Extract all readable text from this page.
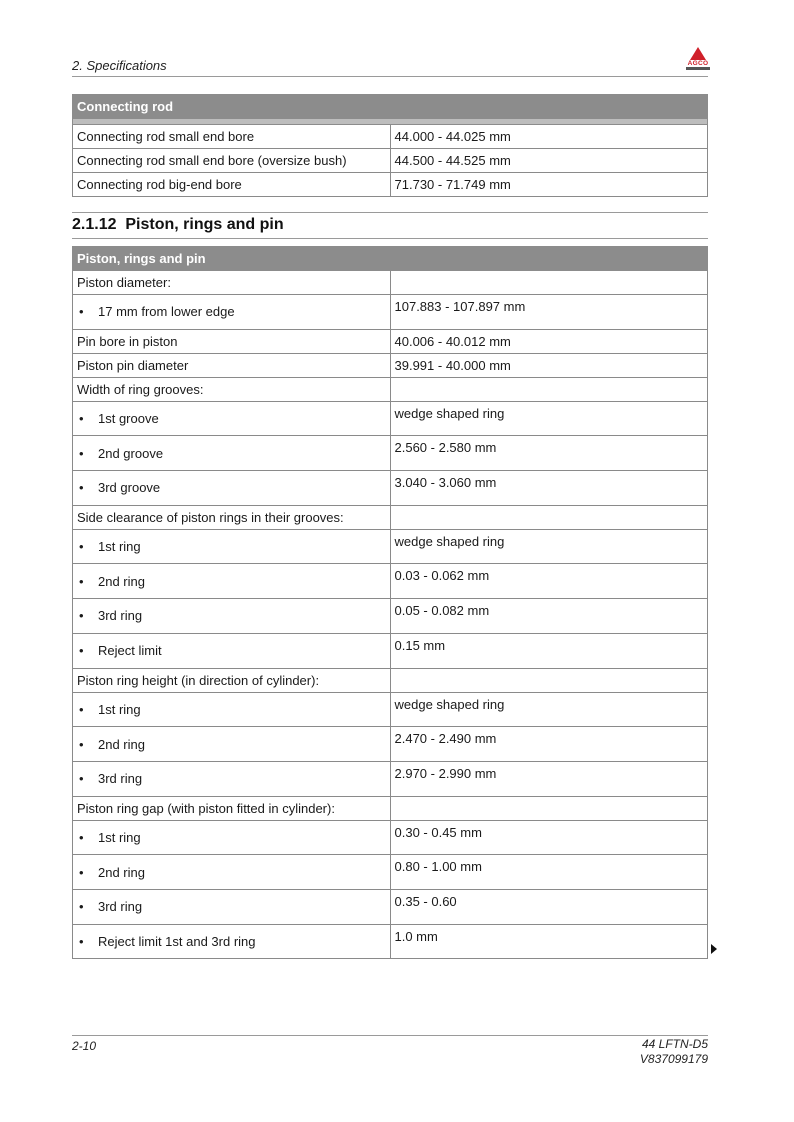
2. Specifications	AGCO
Connecting rod	

Connecting rod small end bore	44.000 - 44.025 mm
Connecting rod small end bore (oversize bush)	44.500 - 44.525 mm
Connecting rod big-end bore	71.730 - 71.749 mm
2.1.12 Piston, rings and pin
Piston, rings and pin	
Piston diameter:	
• 17 mm from lower edge	107.883 - 107.897 mm
Pin bore in piston	40.006 - 40.012 mm
Piston pin diameter	39.991 - 40.000 mm
Width of ring grooves:	
• 1st groove	wedge shaped ring
• 2nd groove	2.560 - 2.580 mm
• 3rd groove	3.040 - 3.060 mm
Side clearance of piston rings in their grooves:	
• 1st ring	wedge shaped ring
• 2nd ring	0.03 - 0.062 mm
• 3rd ring	0.05 - 0.082 mm
• Reject limit	0.15 mm
Piston ring height (in direction of cylinder):	
• 1st ring	wedge shaped ring
• 2nd ring	2.470 - 2.490 mm
• 3rd ring	2.970 - 2.990 mm
Piston ring gap (with piston fitted in cylinder):	
• 1st ring	0.30 - 0.45 mm
• 2nd ring	0.80 - 1.00 mm
• 3rd ring	0.35 - 0.60
• Reject limit 1st and 3rd ring	1.0 mm
2-10	44 LFTN-D5
V837099179
